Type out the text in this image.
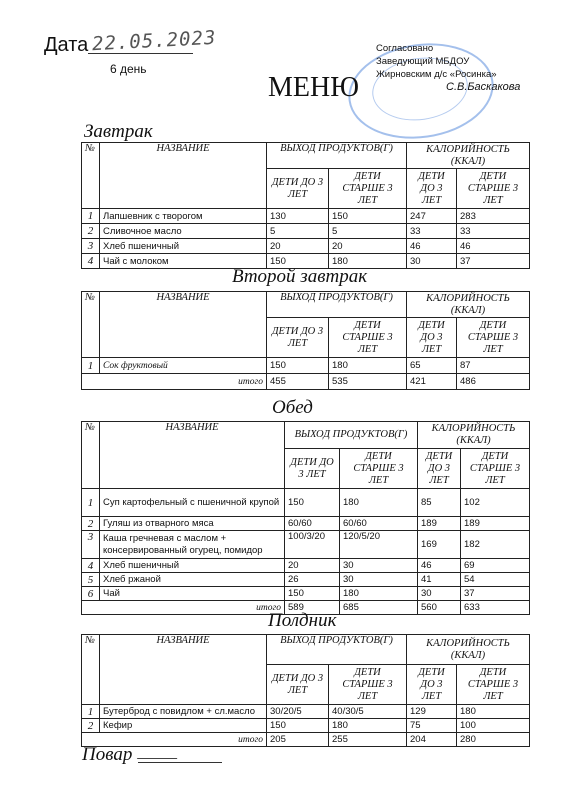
Дата 22.05.2023
6 день
Согласовано
Заведующий МБДОУ
Жирновским д/с «Росинка»
С.В.Баскакова
МЕНЮ
Завтрак
№	НАЗВАНИЕ	ВЫХОД ПРОДУКТОВ(Г)		КАЛОРИЙНОСТЬ (ККАЛ)	
		ДЕТИ ДО 3 ЛЕТ	ДЕТИ СТАРШЕ 3 ЛЕТ	ДЕТИ ДО 3 ЛЕТ	ДЕТИ СТАРШЕ 3 ЛЕТ
1	Лапшевник с творогом	130	150	247	283
2	Сливочное масло	5	5	33	33
3	Хлеб пшеничный	20	20	46	46
4	Чай с молоком	150	180	30	37
Второй завтрак
№	НАЗВАНИЕ	ВЫХОД ПРОДУКТОВ(Г)		КАЛОРИЙНОСТЬ (ККАЛ)	
		ДЕТИ ДО 3 ЛЕТ	ДЕТИ СТАРШЕ 3 ЛЕТ	ДЕТИ ДО 3 ЛЕТ	ДЕТИ СТАРШЕ 3 ЛЕТ
1	Сок фруктовый	150	180	65	87
итого		455	535	421	486
Обед
№	НАЗВАНИЕ	ВЫХОД ПРОДУКТОВ(Г)		КАЛОРИЙНОСТЬ (ККАЛ)	
		ДЕТИ ДО 3 ЛЕТ	ДЕТИ СТАРШЕ 3 ЛЕТ	ДЕТИ ДО 3 ЛЕТ	ДЕТИ СТАРШЕ 3 ЛЕТ
1	Суп картофельный с пшеничной крупой	150	180	85	102
2	Гуляш из отварного мяса	60/60	60/60	189	189
3	Каша гречневая с маслом + консервированный огурец, помидор	100/3/20	120/5/20	169	182
4	Хлеб пшеничный	20	30	46	69
5	Хлеб ржаной	26	30	41	54
6	Чай	150	180	30	37
итого		589	685	560	633
Полдник
№	НАЗВАНИЕ	ВЫХОД ПРОДУКТОВ(Г)		КАЛОРИЙНОСТЬ (ККАЛ)	
		ДЕТИ ДО 3 ЛЕТ	ДЕТИ СТАРШЕ 3 ЛЕТ	ДЕТИ ДО 3 ЛЕТ	ДЕТИ СТАРШЕ 3 ЛЕТ
1	Бутерброд с повидлом + сл.масло	30/20/5	40/30/5	129	180
2	Кефир	150	180	75	100
итого		205	255	204	280
Повар
